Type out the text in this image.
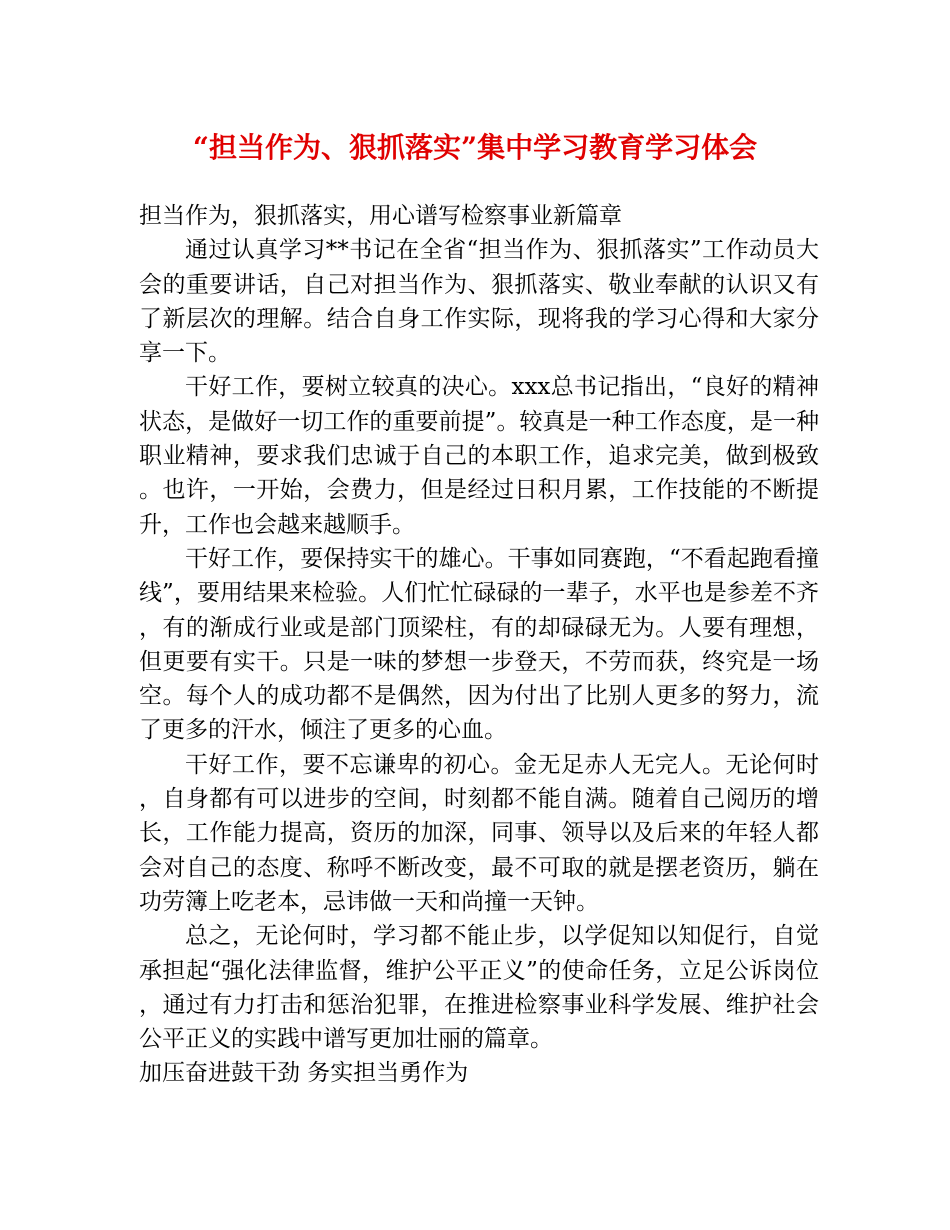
“担当作为、狠抓落实”集中学习教育学习体会

担当作为，狠抓落实，用心谱写检察事业新篇章

通过认真学习**书记在全省“担当作为、狠抓落实”工作动员大会的重要讲话，自己对担当作为、狠抓落实、敬业奉献的认识又有了新层次的理解。结合自身工作实际，现将我的学习心得和大家分享一下。

干好工作，要树立较真的决心。xxx总书记指出，“良好的精神状态，是做好一切工作的重要前提”。较真是一种工作态度，是一种职业精神，要求我们忠诚于自己的本职工作，追求完美，做到极致。也许，一开始，会费力，但是经过日积月累，工作技能的不断提升，工作也会越来越顺手。

干好工作，要保持实干的雄心。干事如同赛跑，“不看起跑看撞线”，要用结果来检验。人们忙忙碌碌的一辈子，水平也是参差不齐，有的渐成行业或是部门顶梁柱，有的却碌碌无为。人要有理想，但更要有实干。只是一味的梦想一步登天，不劳而获，终究是一场空。每个人的成功都不是偶然，因为付出了比别人更多的努力，流了更多的汗水，倾注了更多的心血。

干好工作，要不忘谦卑的初心。金无足赤人无完人。无论何时，自身都有可以进步的空间，时刻都不能自满。随着自己阅历的增长，工作能力提高，资历的加深，同事、领导以及后来的年轻人都会对自己的态度、称呼不断改变，最不可取的就是摆老资历，躺在功劳簿上吃老本，忌讳做一天和尚撞一天钟。

总之，无论何时，学习都不能止步，以学促知以知促行，自觉承担起“强化法律监督，维护公平正义”的使命任务，立足公诉岗位，通过有力打击和惩治犯罪，在推进检察事业科学发展、维护社会公平正义的实践中谱写更加壮丽的篇章。

加压奋进鼓干劲 务实担当勇作为
